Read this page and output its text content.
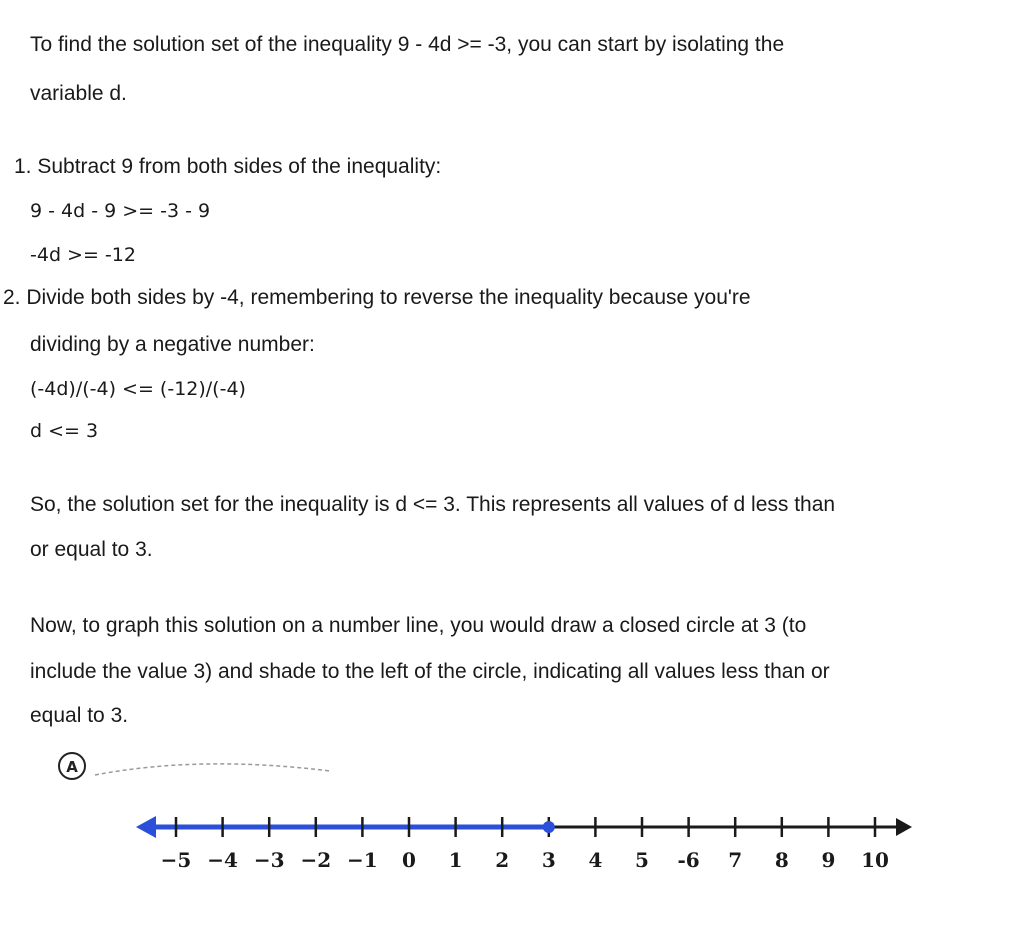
To find the solution set of the inequality 9 - 4d >= -3, you can start by isolating the
variable d.
1. Subtract 9 from both sides of the inequality:
9 - 4d - 9 >= -3 - 9
-4d >= -12
2. Divide both sides by -4, remembering to reverse the inequality because you're
dividing by a negative number:
(-4d)/(-4) <= (-12)/(-4)
d <= 3
So, the solution set for the inequality is d <= 3. This represents all values of d less than
or equal to 3.
Now, to graph this solution on a number line, you would draw a closed circle at 3 (to
include the value 3) and shade to the left of the circle, indicating all values less than or
equal to 3.
A
−5 −4 −3 −2 −1 0 1 2 3 4 5 -6 7 8 9 10
